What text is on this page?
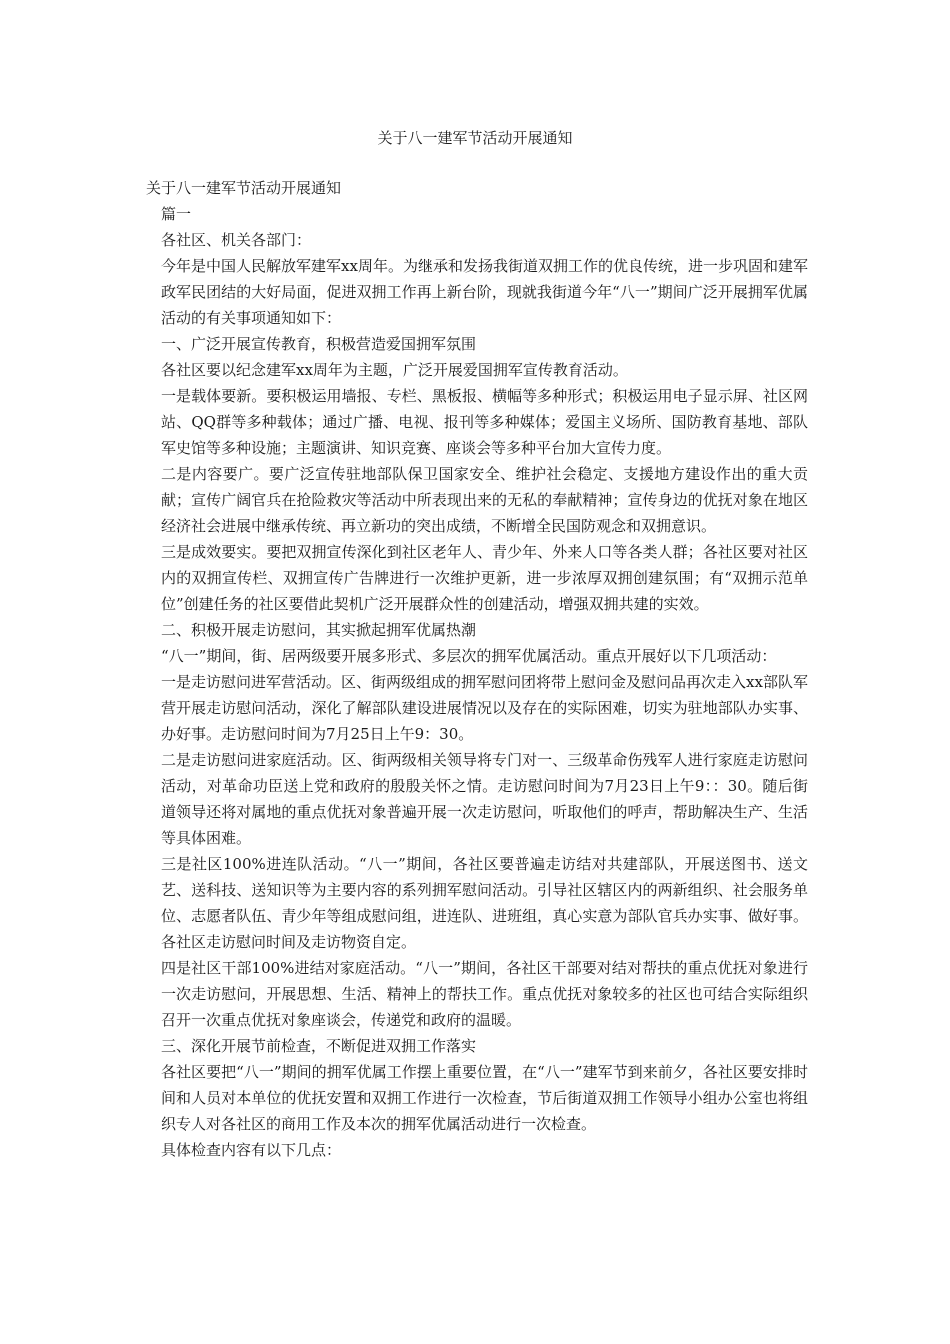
关于八一建军节活动开展通知

关于八一建军节活动开展通知

篇一

各社区、机关各部门：

今年是中国人民解放军建军xx周年。为继承和发扬我街道双拥工作的优良传统，进一步巩固和建军政军民团结的大好局面，促进双拥工作再上新台阶，现就我街道今年“八一”期间广泛开展拥军优属活动的有关事项通知如下：

一、广泛开展宣传教育，积极营造爱国拥军氛围

各社区要以纪念建军xx周年为主题，广泛开展爱国拥军宣传教育活动。

一是载体要新。要积极运用墙报、专栏、黑板报、横幅等多种形式；积极运用电子显示屏、社区网站、QQ群等多种载体；通过广播、电视、报刊等多种媒体；爱国主义场所、国防教育基地、部队军史馆等多种设施；主题演讲、知识竞赛、座谈会等多种平台加大宣传力度。

二是内容要广。要广泛宣传驻地部队保卫国家安全、维护社会稳定、支援地方建设作出的重大贡献；宣传广阔官兵在抢险救灾等活动中所表现出来的无私的奉献精神；宣传身边的优抚对象在地区经济社会进展中继承传统、再立新功的突出成绩，不断增全民国防观念和双拥意识。

三是成效要实。要把双拥宣传深化到社区老年人、青少年、外来人口等各类人群；各社区要对社区内的双拥宣传栏、双拥宣传广告牌进行一次维护更新，进一步浓厚双拥创建氛围；有“双拥示范单位”创建任务的社区要借此契机广泛开展群众性的创建活动，增强双拥共建的实效。

二、积极开展走访慰问，其实掀起拥军优属热潮

“八一”期间，街、居两级要开展多形式、多层次的拥军优属活动。重点开展好以下几项活动：

一是走访慰问进军营活动。区、街两级组成的拥军慰问团将带上慰问金及慰问品再次走入xx部队军营开展走访慰问活动，深化了解部队建设进展情况以及存在的实际困难，切实为驻地部队办实事、办好事。走访慰问时间为7月25日上午9：30。

二是走访慰问进家庭活动。区、街两级相关领导将专门对一、三级革命伤残军人进行家庭走访慰问活动，对革命功臣送上党和政府的殷殷关怀之情。走访慰问时间为7月23日上午9：：30。随后街道领导还将对属地的重点优抚对象普遍开展一次走访慰问，听取他们的呼声，帮助解决生产、生活等具体困难。

三是社区100%进连队活动。“八一”期间，各社区要普遍走访结对共建部队，开展送图书、送文艺、送科技、送知识等为主要内容的系列拥军慰问活动。引导社区辖区内的两新组织、社会服务单位、志愿者队伍、青少年等组成慰问组，进连队、进班组，真心实意为部队官兵办实事、做好事。各社区走访慰问时间及走访物资自定。

四是社区干部100%进结对家庭活动。“八一”期间，各社区干部要对结对帮扶的重点优抚对象进行一次走访慰问，开展思想、生活、精神上的帮扶工作。重点优抚对象较多的社区也可结合实际组织召开一次重点优抚对象座谈会，传递党和政府的温暖。

三、深化开展节前检查，不断促进双拥工作落实

各社区要把“八一”期间的拥军优属工作摆上重要位置，在“八一”建军节到来前夕，各社区要安排时间和人员对本单位的优抚安置和双拥工作进行一次检查，节后街道双拥工作领导小组办公室也将组织专人对各社区的商用工作及本次的拥军优属活动进行一次检查。

具体检查内容有以下几点：
